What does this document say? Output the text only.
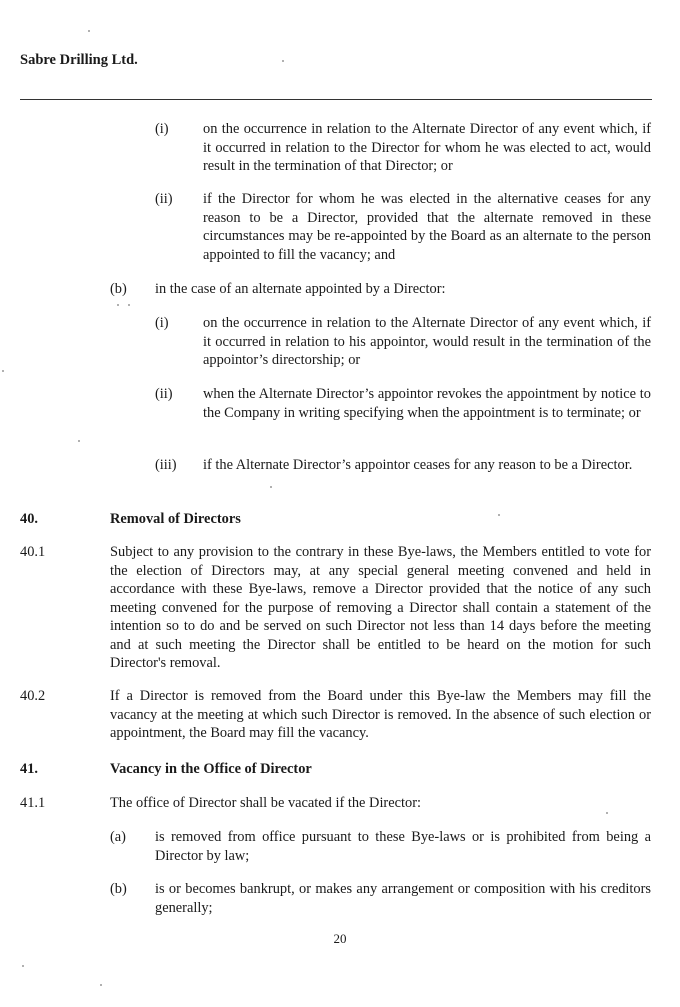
Sabre Drilling Ltd.
(i) on the occurrence in relation to the Alternate Director of any event which, if it occurred in relation to the Director for whom he was elected to act, would result in the termination of that Director; or
(ii) if the Director for whom he was elected in the alternative ceases for any reason to be a Director, provided that the alternate removed in these circumstances may be re-appointed by the Board as an alternate to the person appointed to fill the vacancy; and
(b) in the case of an alternate appointed by a Director:
(i) on the occurrence in relation to the Alternate Director of any event which, if it occurred in relation to his appointor, would result in the termination of the appointor’s directorship; or
(ii) when the Alternate Director’s appointor revokes the appointment by notice to the Company in writing specifying when the appointment is to terminate; or
(iii) if the Alternate Director’s appointor ceases for any reason to be a Director.
40.	Removal of Directors
40.1	Subject to any provision to the contrary in these Bye-laws, the Members entitled to vote for the election of Directors may, at any special general meeting convened and held in accordance with these Bye-laws, remove a Director provided that the notice of any such meeting convened for the purpose of removing a Director shall contain a statement of the intention so to do and be served on such Director not less than 14 days before the meeting and at such meeting the Director shall be entitled to be heard on the motion for such Director's removal.
40.2	If a Director is removed from the Board under this Bye-law the Members may fill the vacancy at the meeting at which such Director is removed. In the absence of such election or appointment, the Board may fill the vacancy.
41.	Vacancy in the Office of Director
41.1	The office of Director shall be vacated if the Director:
(a) is removed from office pursuant to these Bye-laws or is prohibited from being a Director by law;
(b) is or becomes bankrupt, or makes any arrangement or composition with his creditors generally;
20
